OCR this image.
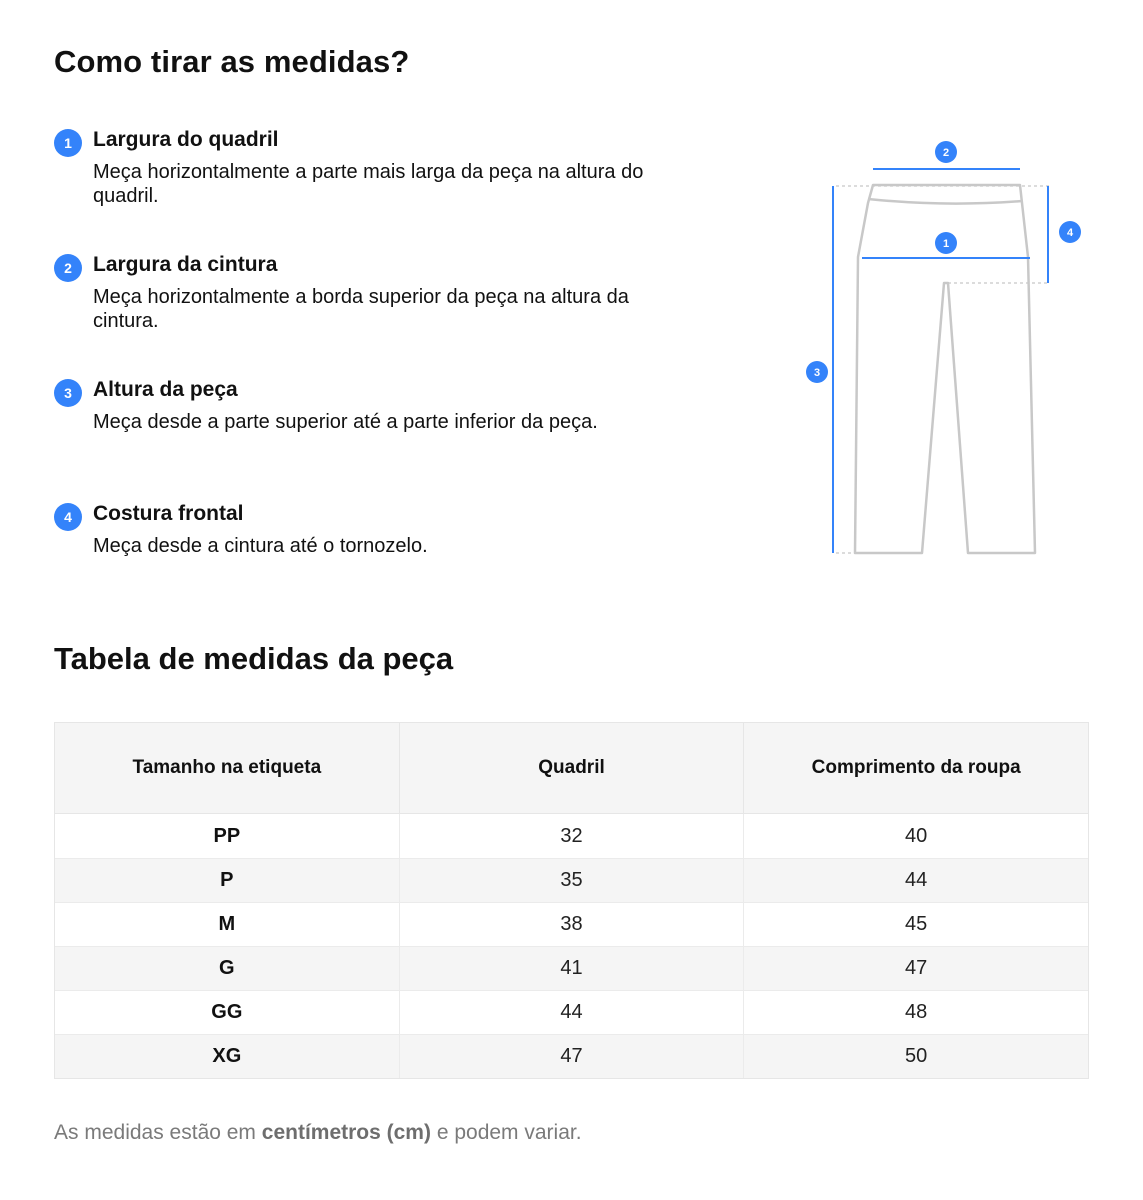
Como tirar as medidas?
1	Largura do quadril
Meça horizontalmente a parte mais larga da peça na altura do quadril.
2	Largura da cintura
Meça horizontalmente a borda superior da peça na altura da cintura.
3	Altura da peça
Meça desde a parte superior até a parte inferior da peça.
4	Costura frontal
Meça desde a cintura até o tornozelo.
2
1
4
3
Tabela de medidas da peça
Tamanho na etiqueta	Quadril	Comprimento da roupa
PP	32	40
P	35	44
M	38	45
G	41	47
GG	44	48
XG	47	50
As medidas estão em centímetros (cm) e podem variar.
